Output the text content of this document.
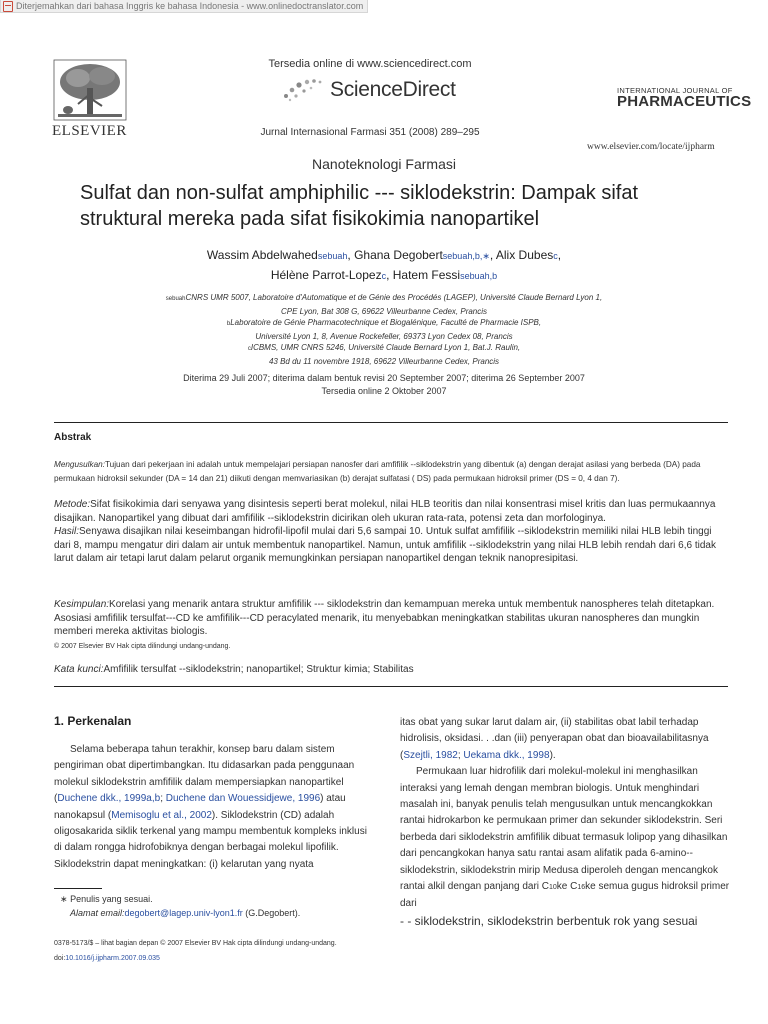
Diterjemahkan dari bahasa Inggris ke bahasa Indonesia - www.onlinedoctranslator.com
ELSEVIER
Tersedia online di www.sciencedirect.com
ScienceDirect
Jurnal Internasional Farmasi 351 (2008) 289–295
INTERNATIONAL JOURNAL OF
PHARMACEUTICS
www.elsevier.com/locate/ijpharm
Nanoteknologi Farmasi
Sulfat dan non-sulfat amphiphilic --- siklodekstrin: Dampak sifat struktural mereka pada sifat fisikokimia nanopartikel
Wassim Abdelwahedsebuah, Ghana Degobertsebuah,b,∗, Alix Dubesc,
Hélène Parrot-Lopezc, Hatem Fessisebuah,b
sebuahCNRS UMR 5007, Laboratoire d'Automatique et de Génie des Procédés (LAGEP), Université Claude Bernard Lyon 1,
CPE Lyon, Bat 308 G, 69622 Villeurbanne Cedex, Prancis
bLaboratoire de Génie Pharmacotechnique et Biogalénique, Faculté de Pharmacie ISPB,
Université Lyon 1, 8, Avenue Rockefeller, 69373 Lyon Cedex 08, Prancis
cICBMS, UMR CNRS 5246, Université Claude Bernard Lyon 1, Bat.J. Raulin,
43 Bd du 11 novembre 1918, 69622 Villeurbanne Cedex, Prancis
Diterima 29 Juli 2007; diterima dalam bentuk revisi 20 September 2007; diterima 26 September 2007
Tersedia online 2 Oktober 2007
Abstrak
Mengusulkan:Tujuan dari pekerjaan ini adalah untuk mempelajari persiapan nanosfer dari amfifilik --siklodekstrin yang dibentuk (a) dengan derajat asilasi yang berbeda (DA) pada permukaan hidroksil sekunder (DA = 14 dan 21) diikuti dengan memvariasikan (b) derajat sulfatasi ( DS) pada permukaan hidroksil primer (DS = 0, 4 dan 7).
Metode:Sifat fisikokimia dari senyawa yang disintesis seperti berat molekul, nilai HLB teoritis dan nilai konsentrasi misel kritis dan luas permukaannya disajikan. Nanopartikel yang dibuat dari amfifilik --siklodekstrin dicirikan oleh ukuran rata-rata, potensi zeta dan morfologinya.
Hasil:Senyawa disajikan nilai keseimbangan hidrofil-lipofil mulai dari 5,6 sampai 10. Untuk sulfat amfifilik --siklodekstrin memiliki nilai HLB lebih tinggi dari 8, mampu mengatur diri dalam air untuk membentuk nanopartikel. Namun, untuk amfifilik --siklodekstrin yang nilai HLB lebih rendah dari 6,6 tidak larut dalam air tetapi larut dalam pelarut organik memungkinkan persiapan nanopartikel dengan teknik nanopresipitasi.
Kesimpulan:Korelasi yang menarik antara struktur amfifilik --- siklodekstrin dan kemampuan mereka untuk membentuk nanospheres telah ditetapkan. Asosiasi amfifilik tersulfat---CD ke amfifilik---CD peracylated menarik, itu menyebabkan meningkatkan stabilitas ukuran nanospheres dan mungkin memberi mereka aktivitas biologis.
© 2007 Elsevier BV Hak cipta dilindungi undang-undang.
Kata kunci:Amfifilik tersulfat --siklodekstrin; nanopartikel; Struktur kimia; Stabilitas
1. Perkenalan
Selama beberapa tahun terakhir, konsep baru dalam sistem pengiriman obat dipertimbangkan. Itu didasarkan pada penggunaan molekul siklodekstrin amfifilik dalam mempersiapkan nanopartikel (Duchene dkk., 1999a,b; Duchene dan Wouessidjewe, 1996) atau nanokapsul (Memisoglu et al., 2002). Siklodekstrin (CD) adalah oligosakarida siklik terkenal yang mampu membentuk kompleks inklusi di dalam rongga hidrofobiknya dengan berbagai molekul lipofilik. Siklodekstrin dapat meningkatkan: (i) kelarutan yang nyata
itas obat yang sukar larut dalam air, (ii) stabilitas obat labil terhadap hidrolisis, oksidasi. . .dan (iii) penyerapan obat dan bioavailabilitasnya (Szejtli, 1982; Uekama dkk., 1998).
Permukaan luar hidrofilik dari molekul-molekul ini menghasilkan interaksi yang lemah dengan membran biologis. Untuk menghindari masalah ini, banyak penulis telah mengusulkan untuk mencangkokkan rantai hidrokarbon ke permukaan primer dan sekunder siklodekstrin. Seri berbeda dari siklodekstrin amfifilik dibuat termasuk lolipop yang dihasilkan dari pencangkokan hanya satu rantai asam alifatik pada 6-amino--siklodekstrin, siklodekstrin mirip Medusa diperoleh dengan mencangkok rantai alkil dengan panjang dari C10ke C16ke semua gugus hidroksil primer dari
- - siklodekstrin, siklodekstrin berbentuk rok yang sesuai
∗ Penulis yang sesuai.
Alamat email:degobert@lagep.univ-lyon1.fr (G.Degobert).
0378-5173/$ – lihat bagian depan © 2007 Elsevier BV Hak cipta dilindungi undang-undang. doi:10.1016/j.ijpharm.2007.09.035
